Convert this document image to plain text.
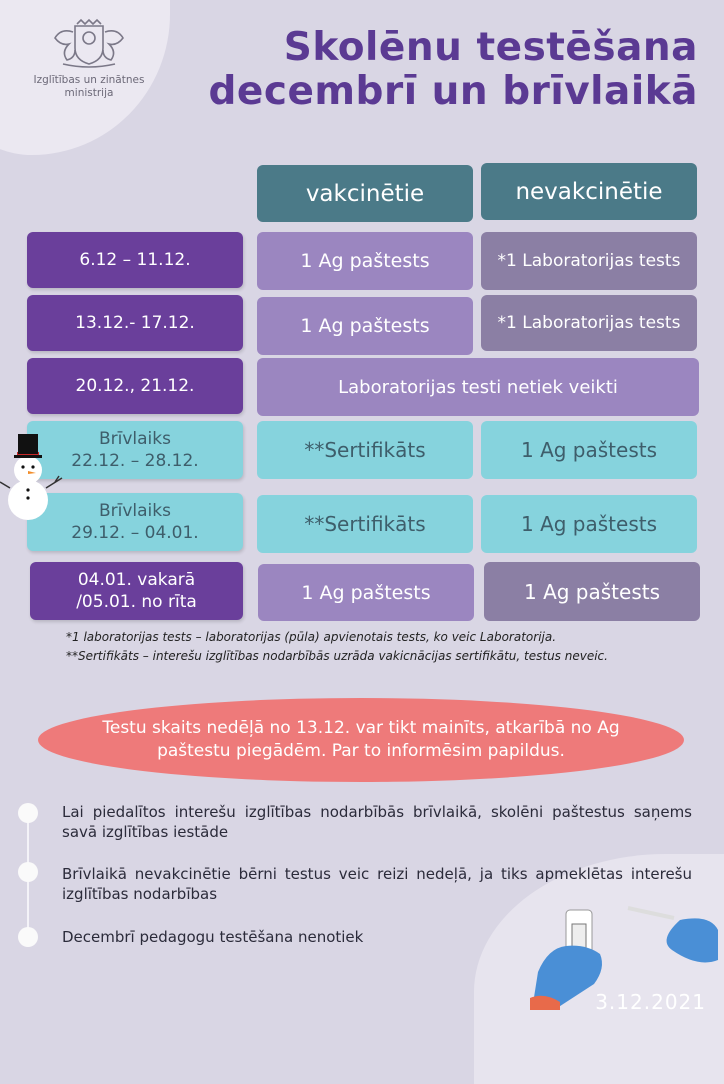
Izglītības un zinātnes
ministrija
Skolēnu testēšana
decembrī un brīvlaikā
vakcinētie	nevakcinētie
6.12 – 11.12.	1 Ag paštests	*1 Laboratorijas tests
13.12.- 17.12.	1 Ag paštests	*1 Laboratorijas tests
20.12., 21.12.	Laboratorijas testi netiek veikti
Brīvlaiks
22.12. – 28.12.	**Sertifikāts	1 Ag paštests
Brīvlaiks
29.12. – 04.01.	**Sertifikāts	1 Ag paštests
04.01. vakarā
/05.01. no rīta	1 Ag paštests	1 Ag paštests
*1 laboratorijas tests – laboratorijas (pūla) apvienotais tests, ko veic Laboratorija.
**Sertifikāts – interešu izglītības nodarbībās uzrāda vakicnācijas sertifikātu, testus neveic.
Testu skaits nedēļā no 13.12. var tikt mainīts, atkarībā no Ag paštestu piegādēm. Par to informēsim papildus.
Lai piedalītos interešu izglītības nodarbībās brīvlaikā, skolēni paštestus saņems savā izglītības iestāde
Brīvlaikā nevakcinētie bērni testus veic reizi nedeļā, ja tiks apmeklētas interešu izglītības nodarbības
Decembrī pedagogu testēšana nenotiek
3.12.2021
